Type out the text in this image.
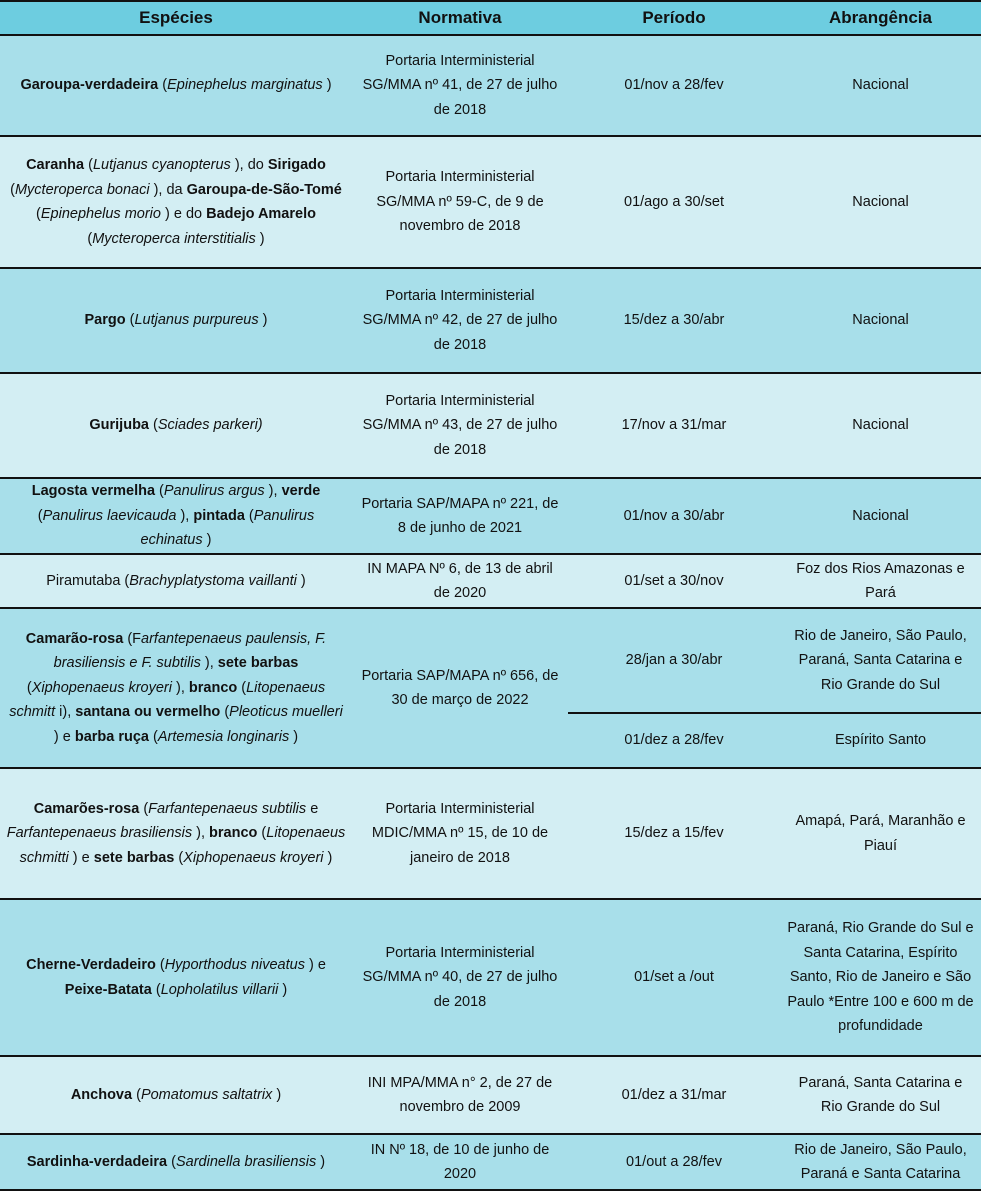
Espécies	Normativa	Período	Abrangência
Garoupa-verdadeira (Epinephelus marginatus )	Portaria Interministerial SG/MMA nº 41, de 27 de julho de 2018	01/nov a 28/fev	Nacional
Caranha (Lutjanus cyanopterus ), do Sirigado (Mycteroperca bonaci ), da Garoupa-de-São-Tomé (Epinephelus morio ) e do Badejo Amarelo (Mycteroperca interstitialis )	Portaria Interministerial SG/MMA nº 59-C, de 9 de novembro de 2018	01/ago a 30/set	Nacional
Pargo (Lutjanus purpureus )	Portaria Interministerial SG/MMA nº 42, de 27 de julho de 2018	15/dez a 30/abr	Nacional
Gurijuba (Sciades parkeri)	Portaria Interministerial SG/MMA nº 43, de 27 de julho de 2018	17/nov a 31/mar	Nacional
Lagosta vermelha (Panulirus argus ), verde (Panulirus laevicauda ), pintada (Panulirus echinatus )	Portaria SAP/MAPA nº 221, de 8 de junho de 2021	01/nov a 30/abr	Nacional
Piramutaba (Brachyplatystoma vaillanti )	IN MAPA Nº 6, de 13 de abril de 2020	01/set a 30/nov	Foz dos Rios Amazonas e Pará
Camarão-rosa (Farfantepenaeus paulensis, F. brasiliensis e F. subtilis ), sete barbas (Xiphopenaeus kroyeri ), branco (Litopenaeus schmitt i), santana ou vermelho (Pleoticus muelleri ) e barba ruça (Artemesia longinaris )	Portaria SAP/MAPA nº 656, de 30 de março de 2022	28/jan a 30/abr	Rio de Janeiro, São Paulo, Paraná, Santa Catarina e Rio Grande do Sul
		01/dez a 28/fev	Espírito Santo
Camarões-rosa (Farfantepenaeus subtilis e Farfantepenaeus brasiliensis ), branco (Litopenaeus schmitti ) e sete barbas (Xiphopenaeus kroyeri )	Portaria Interministerial MDIC/MMA nº 15, de 10 de janeiro de 2018	15/dez a 15/fev	Amapá, Pará, Maranhão e Piauí
Cherne-Verdadeiro (Hyporthodus niveatus ) e Peixe-Batata (Lopholatilus villarii )	Portaria Interministerial SG/MMA nº 40, de 27 de julho de 2018	01/set a /out	Paraná, Rio Grande do Sul e Santa Catarina, Espírito Santo, Rio de Janeiro e São Paulo *Entre 100 e 600 m de profundidade
Anchova (Pomatomus saltatrix )	INI MPA/MMA n° 2, de 27 de novembro de 2009	01/dez a 31/mar	Paraná, Santa Catarina e Rio Grande do Sul
Sardinha-verdadeira (Sardinella brasiliensis )	IN Nº 18, de 10 de junho de 2020	01/out a 28/fev	Rio de Janeiro, São Paulo, Paraná e Santa Catarina
